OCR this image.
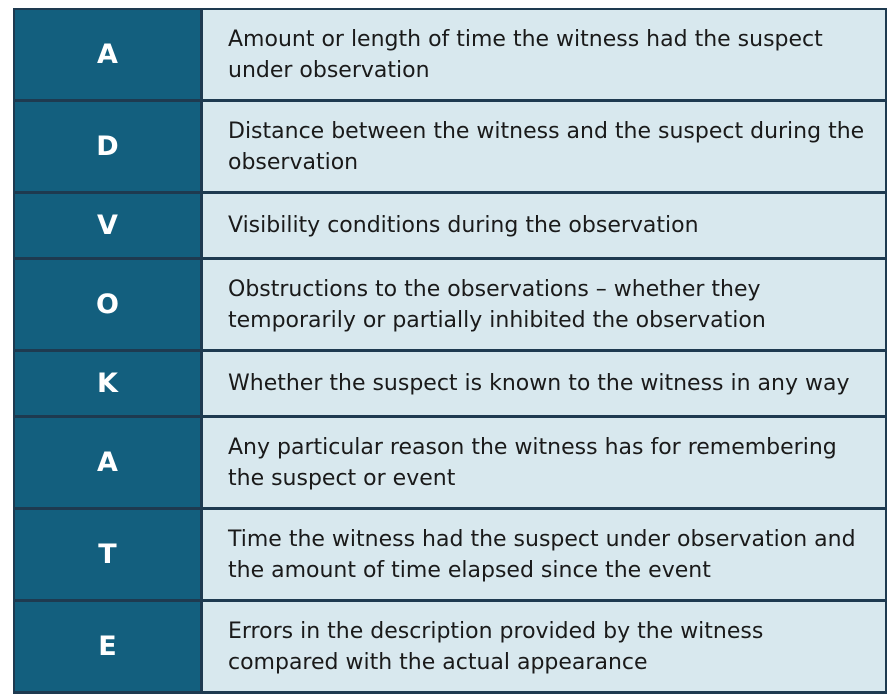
A	Amount or length of time the witness had the suspect under observation
D	Distance between the witness and the suspect during the observation
V	Visibility conditions during the observation
O	Obstructions to the observations – whether they temporarily or partially inhibited the observation
K	Whether the suspect is known to the witness in any way
A	Any particular reason the witness has for remembering the suspect or event
T	Time the witness had the suspect under observation and the amount of time elapsed since the event
E	Errors in the description provided by the witness compared with the actual appearance
